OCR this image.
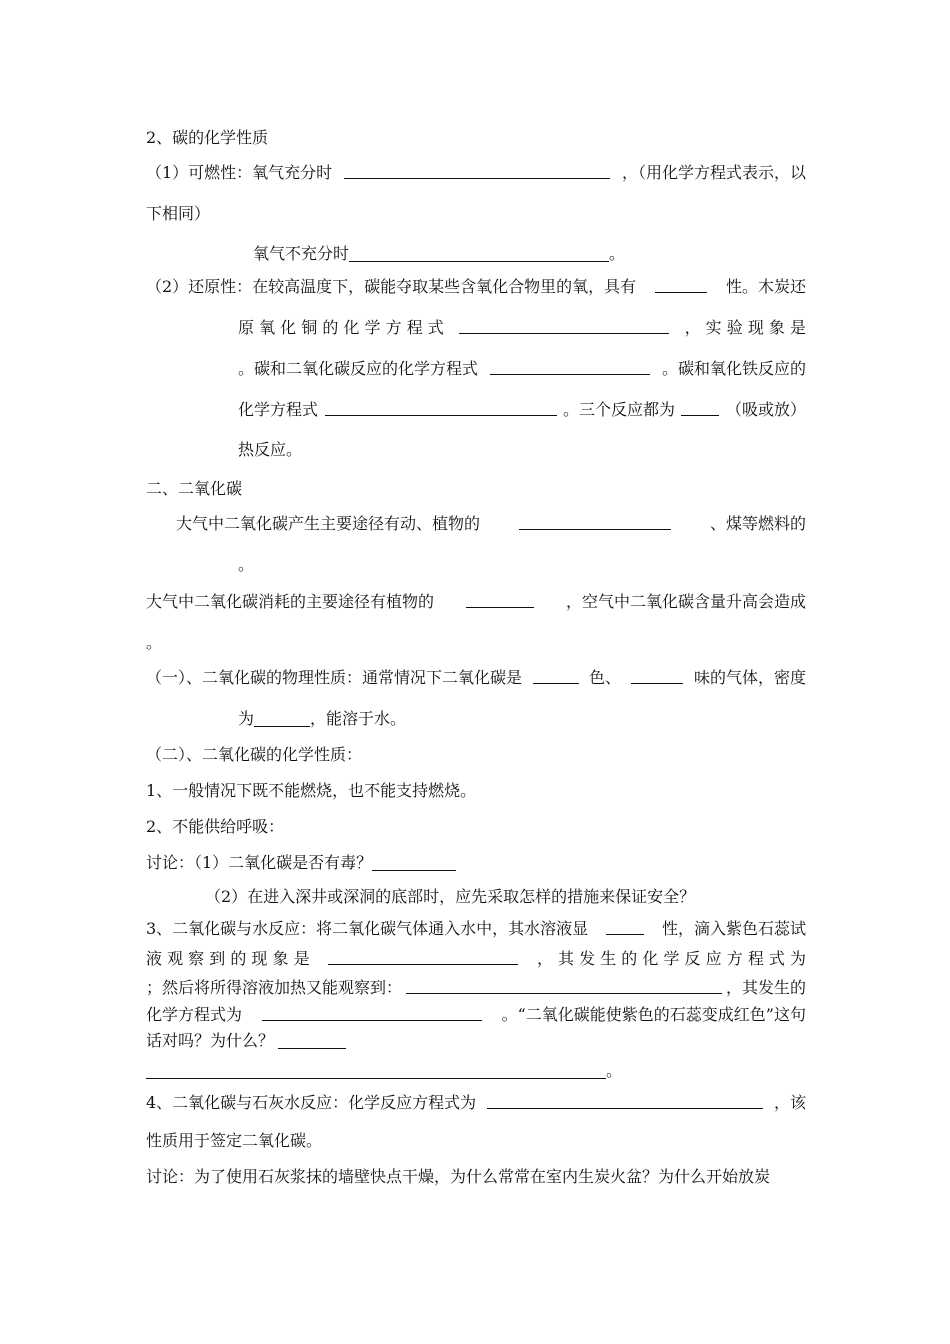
2、碳的化学性质
（1）可燃性：氧气充分时	，（用化学方程式表示，以
下相同）
氧气不充分时	。
（2）还原性：在较高温度下，碳能夺取某些含氧化合物里的氧，具有	性。木炭还
原 氧 化 铜 的 化 学 方 程 式	， 实 验 现 象 是
。碳和二氧化碳反应的化学方程式	。碳和氧化铁反应的
化学方程式	。三个反应都为	（吸或放）
热反应。
二、二氧化碳
大气中二氧化碳产生主要途径有动、植物的	、煤等燃料的
。
大气中二氧化碳消耗的主要途径有植物的	，空气中二氧化碳含量升高会造成
。
（一）、二氧化碳的物理性质：通常情况下二氧化碳是	色、	味的气体，密度
为	，能溶于水。
（二）、二氧化碳的化学性质：
1、一般情况下既不能燃烧，也不能支持燃烧。
2、不能供给呼吸：
讨论：（1）二氧化碳是否有毒？
（2）在进入深井或深洞的底部时，应先采取怎样的措施来保证安全？
3、二氧化碳与水反应：将二氧化碳气体通入水中，其水溶液显	性，滴入紫色石蕊试
液 观 察 到 的 现 象 是	， 其 发 生 的 化 学 反 应 方 程 式 为
；然后将所得溶液加热又能观察到：	，其发生的
化学方程式为	。“二氧化碳能使紫色的石蕊变成红色”这句
话对吗？为什么？
。
4、二氧化碳与石灰水反应：化学反应方程式为	，该
性质用于签定二氧化碳。
讨论：为了使用石灰浆抹的墙壁快点干燥，为什么常常在室内生炭火盆？为什么开始放炭
